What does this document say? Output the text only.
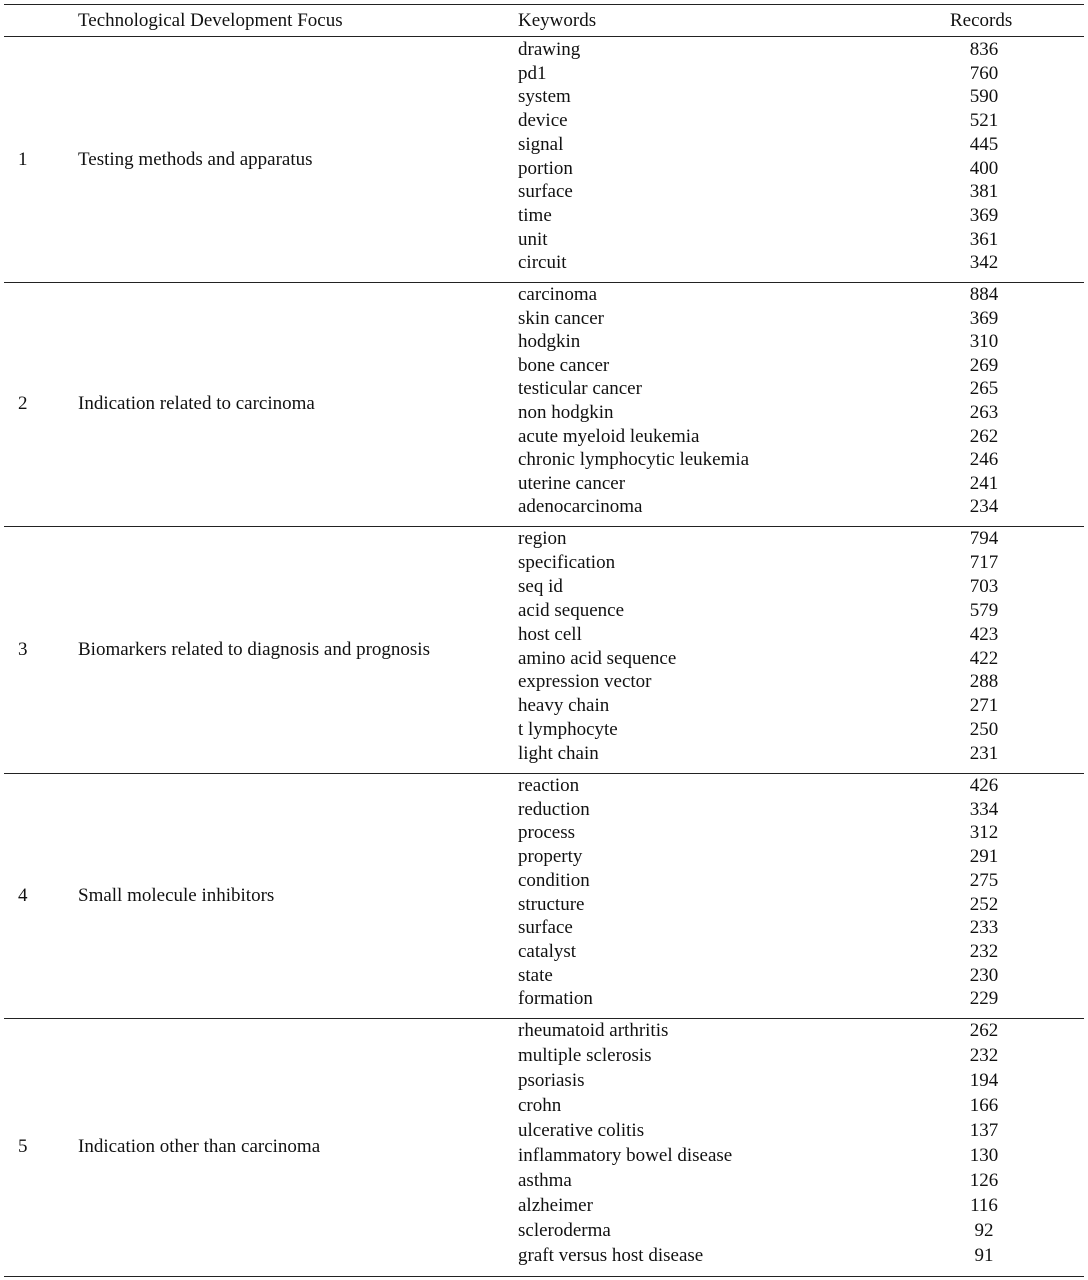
Technological Development Focus	Keywords	Records
1	Testing methods and apparatus
drawing	836
pd1	760
system	590
device	521
signal	445
portion	400
surface	381
time	369
unit	361
circuit	342
2	Indication related to carcinoma
carcinoma	884
skin cancer	369
hodgkin	310
bone cancer	269
testicular cancer	265
non hodgkin	263
acute myeloid leukemia	262
chronic lymphocytic leukemia	246
uterine cancer	241
adenocarcinoma	234
3	Biomarkers related to diagnosis and prognosis
region	794
specification	717
seq id	703
acid sequence	579
host cell	423
amino acid sequence	422
expression vector	288
heavy chain	271
t lymphocyte	250
light chain	231
4	Small molecule inhibitors
reaction	426
reduction	334
process	312
property	291
condition	275
structure	252
surface	233
catalyst	232
state	230
formation	229
5	Indication other than carcinoma
rheumatoid arthritis	262
multiple sclerosis	232
psoriasis	194
crohn	166
ulcerative colitis	137
inflammatory bowel disease	130
asthma	126
alzheimer	116
scleroderma	92
graft versus host disease	91
